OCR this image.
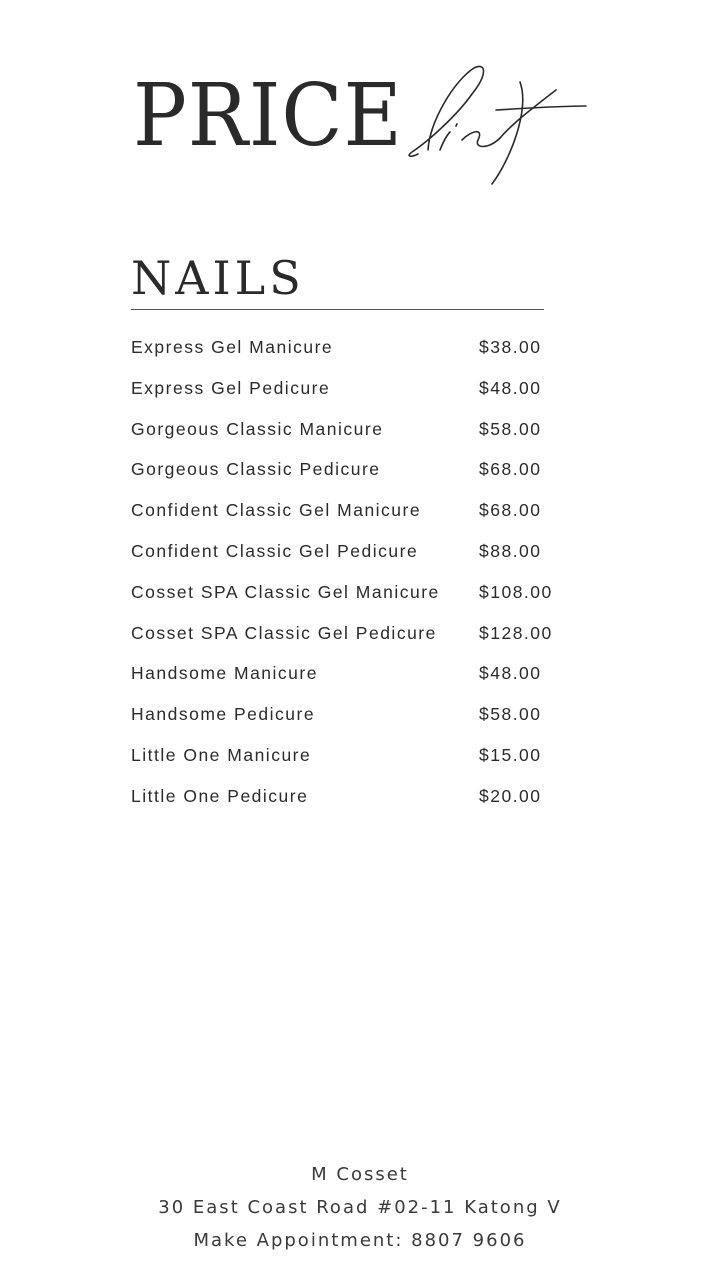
PRICE
list
NAILS
Express Gel Manicure	$38.00
Express Gel Pedicure	$48.00
Gorgeous Classic Manicure	$58.00
Gorgeous Classic Pedicure	$68.00
Confident Classic Gel Manicure	$68.00
Confident Classic Gel Pedicure	$88.00
Cosset SPA Classic Gel Manicure $108.00
Cosset SPA Classic Gel Pedicure $128.00
Handsome Manicure	$48.00
Handsome Pedicure	$58.00
Little One Manicure	$15.00
Little One Pedicure	$20.00
M Cosset
30 East Coast Road #02-11 Katong V
Make Appointment: 8807 9606
